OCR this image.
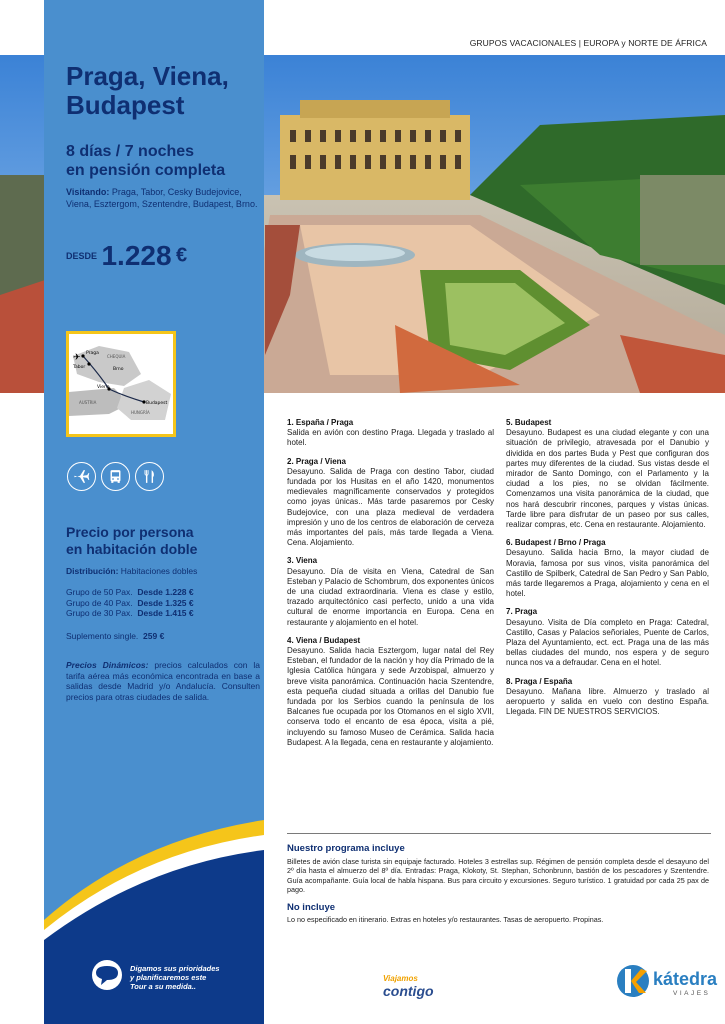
GRUPOS VACACIONALES | EUROPA y NORTE DE ÁFRICA
Praga, Viena,
Budapest
8 días / 7 noches
en pensión completa
Visitando: Praga, Tabor, Cesky Budejovice, Viena, Esztergom, Szentendre, Budapest, Brno.
DESDE 1.228 €
✈ Praga
Tabor	Brno
CHEQUIA
Viena
AUSTRIA	Budapest
HUNGRÍA
Precio por persona
en habitación doble
Distribución: Habitaciones dobles
Grupo de 50 Pax. Desde 1.228 €
Grupo de 40 Pax. Desde 1.325 €
Grupo de 30 Pax. Desde 1.415 €
Suplemento single. 259 €
Precios Dinámicos: precios calculados con la tarifa aérea más económica encontrada en base a salidas desde Madrid y/o Andalucía. Consulten precios para otras ciudades de salida.
Digamos sus prioridades
y planificaremos este
Tour a su medida..
1. España / Praga
Salida en avión con destino Praga. Llegada y traslado al hotel.
2. Praga / Viena
Desayuno. Salida de Praga con destino Tabor, ciudad fundada por los Husitas en el año 1420, monumentos medievales magníficamente conservados y protegidos como joyas únicas.. Más tarde pasaremos por Cesky Budejovice, con una plaza medieval de verdadera impresión y uno de los centros de elaboración de cerveza más importantes del país, más tarde llegada a Viena. Cena. Alojamiento.
3. Viena
Desayuno. Día de visita en Viena, Catedral de San Esteban y Palacio de Schombrum, dos exponentes únicos de una ciudad extraordinaria. Viena es clase y estilo, trazado arquitectónico casi perfecto, unido a una vida cultural de enorme importancia en Europa. Cena en restaurante y alojamiento en el hotel.
4. Viena / Budapest
Desayuno. Salida hacia Esztergom, lugar natal del Rey Esteban, el fundador de la nación y hoy día Primado de la Iglesia Católica húngara y sede Arzobispal, almuerzo y breve visita panorámica. Continuación hacia Szentendre, esta pequeña ciudad situada a orillas del Danubio fue fundada por los Serbios cuando la península de los Balcanes fue ocupada por los Otomanos en el siglo XVII, conserva todo el encanto de esa época, visita a pié, incluyendo su famoso Museo de Cerámica. Salida hacia Budapest. A la llegada, cena en restaurante y alojamiento.
5. Budapest
Desayuno. Budapest es una ciudad elegante y con una situación de privilegio, atravesada por el Danubio y dividida en dos partes Buda y Pest que configuran dos partes muy diferentes de la ciudad. Sus vistas desde el mirador de Santo Domingo, con el Parlamento y la ciudad a los pies, no se olvidan fácilmente. Comenzamos una visita panorámica de la ciudad, que nos hará descubrir rincones, parques y vistas únicas. Tarde libre para disfrutar de un paseo por sus calles, realizar compras, etc. Cena en restaurante. Alojamiento.
6. Budapest / Brno / Praga
Desayuno. Salida hacia Brno, la mayor ciudad de Moravia, famosa por sus vinos, visita panorámica del Castillo de Spilberk, Catedral de San Pedro y San Pablo, más tarde llegaremos a Praga, alojamiento y cena en el hotel.
7. Praga
Desayuno. Visita de Día completo en Praga: Catedral, Castillo, Casas y Palacios señoriales, Puente de Carlos, Plaza del Ayuntamiento, ect. ect. Praga una de las más bellas ciudades del mundo, nos espera y de seguro nunca nos va a defraudar. Cena en el hotel.
8. Praga / España
Desayuno. Mañana libre. Almuerzo y traslado al aeropuerto y salida en vuelo con destino España. Llegada. FIN DE NUESTROS SERVICIOS.
Nuestro programa incluye
Billetes de avión clase turista sin equipaje facturado. Hoteles 3 estrellas sup. Régimen de pensión completa desde el desayuno del 2º día hasta el almuerzo del 8º día. Entradas: Praga, Klokoty, St. Stephan, Schonbrunn, bastión de los pescadores y Szentendre. Guía acompañante. Guía local de habla hispana. Bus para circuito y excursiones. Seguro turístico. 1 gratuidad por cada 25 pax de pago.
No incluye
Lo no especificado en itinerario. Extras en hoteles y/o restaurantes. Tasas de aeropuerto. Propinas.
Viajamos
contigo
kátedra
VIAJES
